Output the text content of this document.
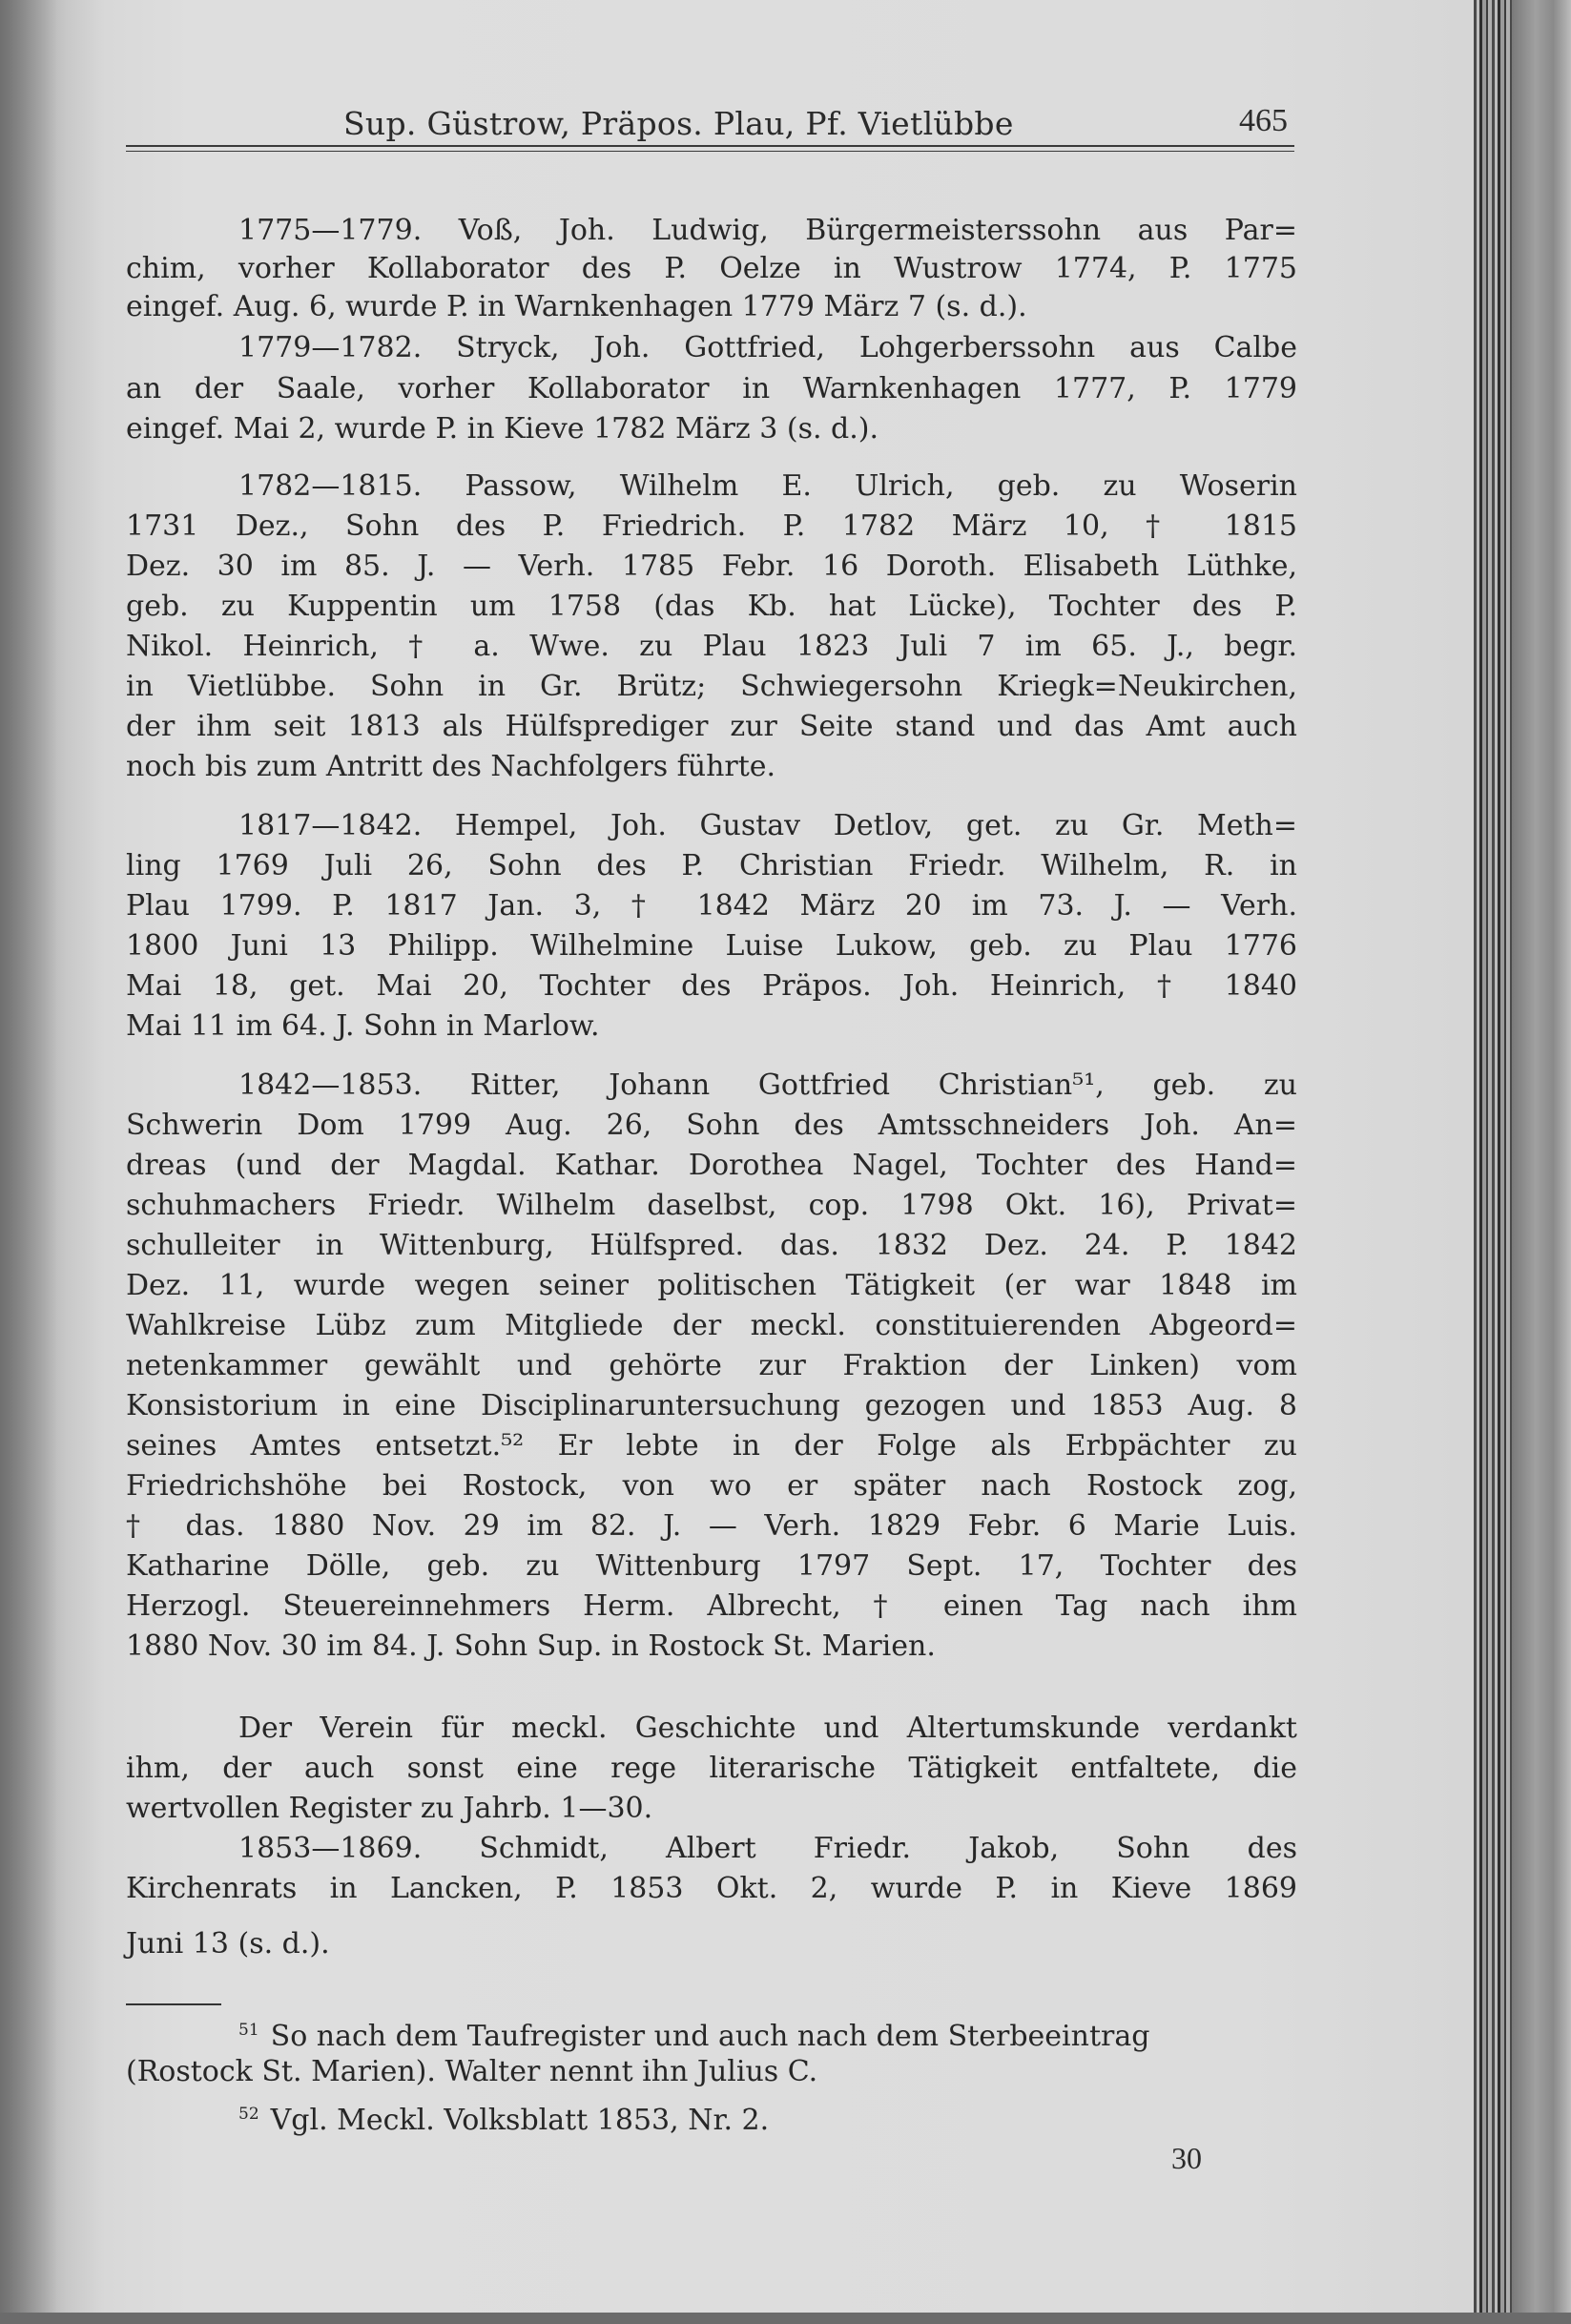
Sup. Güstrow, Präpos. Plau, Pf. Vietlübbe	465
1775—1779. Voß, Joh. Ludwig, Bürgermeisterssohn aus Par=
chim, vorher Kollaborator des P. Oelze in Wustrow 1774, P. 1775
eingef. Aug. 6, wurde P. in Warnkenhagen 1779 März 7 (s. d.).
1779—1782. Stryck, Joh. Gottfried, Lohgerberssohn aus Calbe
an der Saale, vorher Kollaborator in Warnkenhagen 1777, P. 1779
eingef. Mai 2, wurde P. in Kieve 1782 März 3 (s. d.).
1782—1815. Passow, Wilhelm E. Ulrich, geb. zu Woserin
1731 Dez., Sohn des P. Friedrich. P. 1782 März 10, † 1815
Dez. 30 im 85. J. — Verh. 1785 Febr. 16 Doroth. Elisabeth Lüthke,
geb. zu Kuppentin um 1758 (das Kb. hat Lücke), Tochter des P.
Nikol. Heinrich, † a. Wwe. zu Plau 1823 Juli 7 im 65. J., begr.
in Vietlübbe. Sohn in Gr. Brütz; Schwiegersohn Kriegk=Neukirchen,
der ihm seit 1813 als Hülfsprediger zur Seite stand und das Amt auch
noch bis zum Antritt des Nachfolgers führte.
1817—1842. Hempel, Joh. Gustav Detlov, get. zu Gr. Meth=
ling 1769 Juli 26, Sohn des P. Christian Friedr. Wilhelm, R. in
Plau 1799. P. 1817 Jan. 3, † 1842 März 20 im 73. J. — Verh.
1800 Juni 13 Philipp. Wilhelmine Luise Lukow, geb. zu Plau 1776
Mai 18, get. Mai 20, Tochter des Präpos. Joh. Heinrich, † 1840
Mai 11 im 64. J. Sohn in Marlow.
1842—1853. Ritter, Johann Gottfried Christian⁵¹, geb. zu
Schwerin Dom 1799 Aug. 26, Sohn des Amtsschneiders Joh. An=
dreas (und der Magdal. Kathar. Dorothea Nagel, Tochter des Hand=
schuhmachers Friedr. Wilhelm daselbst, cop. 1798 Okt. 16), Privat=
schulleiter in Wittenburg, Hülfspred. das. 1832 Dez. 24. P. 1842
Dez. 11, wurde wegen seiner politischen Tätigkeit (er war 1848 im
Wahlkreise Lübz zum Mitgliede der meckl. constituierenden Abgeord=
netenkammer gewählt und gehörte zur Fraktion der Linken) vom
Konsistorium in eine Disciplinaruntersuchung gezogen und 1853 Aug. 8
seines Amtes entsetzt.⁵² Er lebte in der Folge als Erbpächter zu
Friedrichshöhe bei Rostock, von wo er später nach Rostock zog,
† das. 1880 Nov. 29 im 82. J. — Verh. 1829 Febr. 6 Marie Luis.
Katharine Dölle, geb. zu Wittenburg 1797 Sept. 17, Tochter des
Herzogl. Steuereinnehmers Herm. Albrecht, † einen Tag nach ihm
1880 Nov. 30 im 84. J. Sohn Sup. in Rostock St. Marien.
Der Verein für meckl. Geschichte und Altertumskunde verdankt
ihm, der auch sonst eine rege literarische Tätigkeit entfaltete, die
wertvollen Register zu Jahrb. 1—30.
1853—1869. Schmidt, Albert Friedr. Jakob, Sohn des
Kirchenrats in Lancken, P. 1853 Okt. 2, wurde P. in Kieve 1869
Juni 13 (s. d.).
$^{51}$ So nach dem Taufregister und auch nach dem Sterbeeintrag
(Rostock St. Marien). Walter nennt ihn Julius C.
$^{52}$ Vgl. Meckl. Volksblatt 1853, Nr. 2.
30
